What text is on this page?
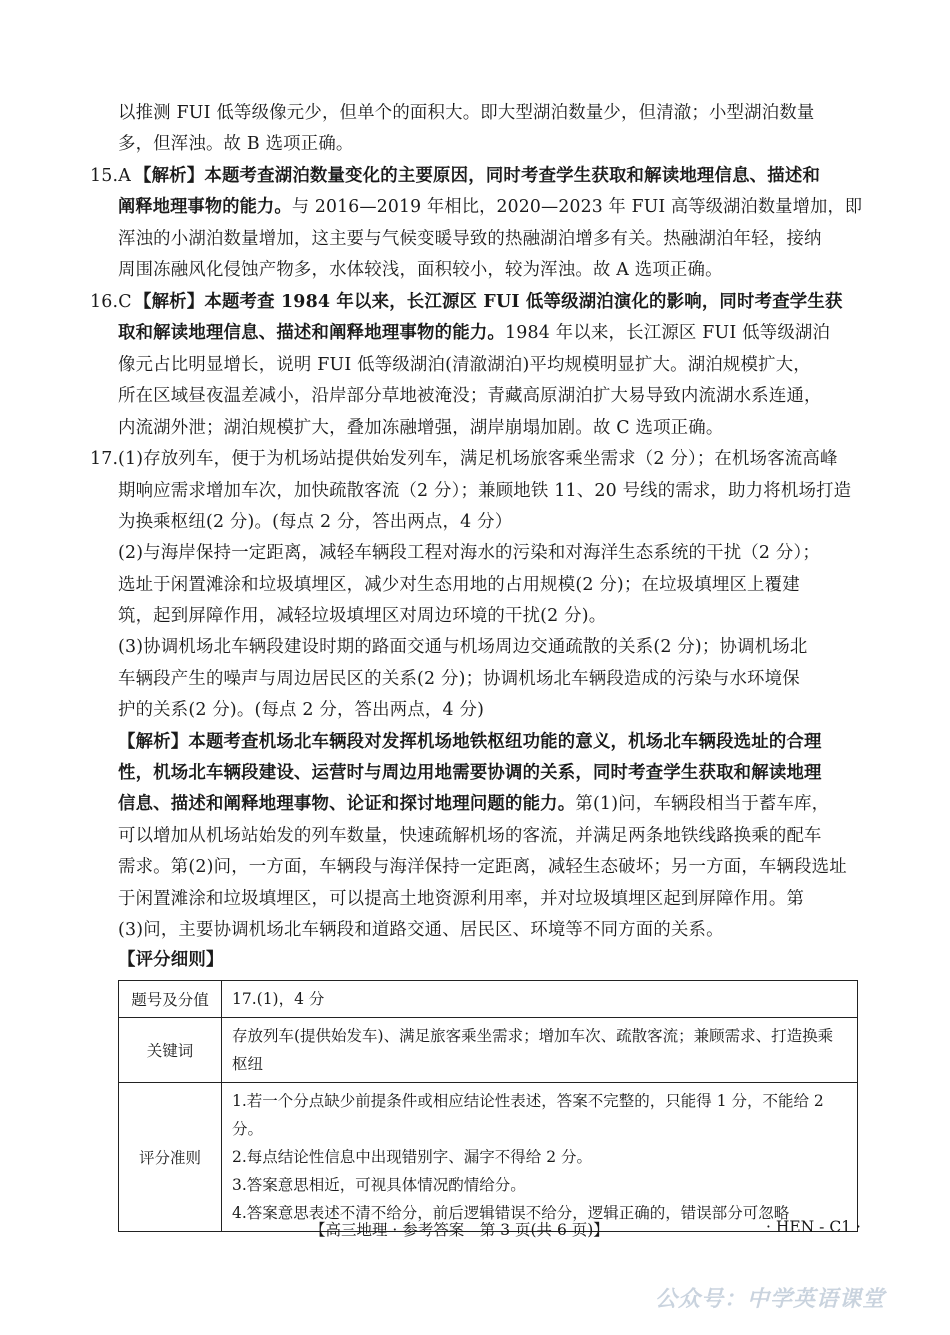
以推测 FUI 低等级像元少，但单个的面积大。即大型湖泊数量少，但清澈；小型湖泊数量
多，但浑浊。故 B 选项正确。
15.A 【解析】本题考查湖泊数量变化的主要原因，同时考查学生获取和解读地理信息、描述和
阐释地理事物的能力。与 2016—2019 年相比，2020—2023 年 FUI 高等级湖泊数量增加，即
浑浊的小湖泊数量增加，这主要与气候变暖导致的热融湖泊增多有关。热融湖泊年轻，接纳
周围冻融风化侵蚀产物多，水体较浅，面积较小，较为浑浊。故 A 选项正确。
16.C 【解析】本题考查 1984 年以来，长江源区 FUI 低等级湖泊演化的影响，同时考查学生获
取和解读地理信息、描述和阐释地理事物的能力。1984 年以来，长江源区 FUI 低等级湖泊
像元占比明显增长，说明 FUI 低等级湖泊(清澈湖泊)平均规模明显扩大。湖泊规模扩大，
所在区域昼夜温差减小，沿岸部分草地被淹没；青藏高原湖泊扩大易导致内流湖水系连通，
内流湖外泄；湖泊规模扩大，叠加冻融增强，湖岸崩塌加剧。故 C 选项正确。
17. (1)存放列车，便于为机场站提供始发列车，满足机场旅客乘坐需求（2 分）；在机场客流高峰
期响应需求增加车次，加快疏散客流（2 分）；兼顾地铁 11、20 号线的需求，助力将机场打造
为换乘枢纽(2 分)。(每点 2 分，答出两点，4 分）
(2)与海岸保持一定距离，减轻车辆段工程对海水的污染和对海洋生态系统的干扰（2 分）；
选址于闲置滩涂和垃圾填埋区，减少对生态用地的占用规模(2 分)；在垃圾填埋区上覆建
筑，起到屏障作用，减轻垃圾填埋区对周边环境的干扰(2 分)。
(3)协调机场北车辆段建设时期的路面交通与机场周边交通疏散的关系(2 分)；协调机场北
车辆段产生的噪声与周边居民区的关系(2 分)；协调机场北车辆段造成的污染与水环境保
护的关系(2 分)。(每点 2 分，答出两点，4 分)
【解析】本题考查机场北车辆段对发挥机场地铁枢纽功能的意义，机场北车辆段选址的合理
性，机场北车辆段建设、运营时与周边用地需要协调的关系，同时考查学生获取和解读地理
信息、描述和阐释地理事物、论证和探讨地理问题的能力。第(1)问，车辆段相当于蓄车库，
可以增加从机场站始发的列车数量，快速疏解机场的客流，并满足两条地铁线路换乘的配车
需求。第(2)问，一方面，车辆段与海洋保持一定距离，减轻生态破坏；另一方面，车辆段选址
于闲置滩涂和垃圾填埋区，可以提高土地资源利用率，并对垃圾填埋区起到屏障作用。第
(3)问，主要协调机场北车辆段和道路交通、居民区、环境等不同方面的关系。
【评分细则】
题号及分值	17.(1)，4 分
关键词	存放列车(提供始发车)、满足旅客乘坐需求；增加车次、疏散客流；兼顾需求、打造换乘枢纽
评分准则	1.若一个分点缺少前提条件或相应结论性表述，答案不完整的，只能得 1 分，不能给 2 分。
2.每点结论性信息中出现错别字、漏字不得给 2 分。
3.答案意思相近，可视具体情况酌情给分。
4.答案意思表述不清不给分，前后逻辑错误不给分，逻辑正确的，错误部分可忽略
【高三地理 · 参考答案　第 3 页(共 6 页)】	· HEN - C1 ·
公众号：中学英语课堂
